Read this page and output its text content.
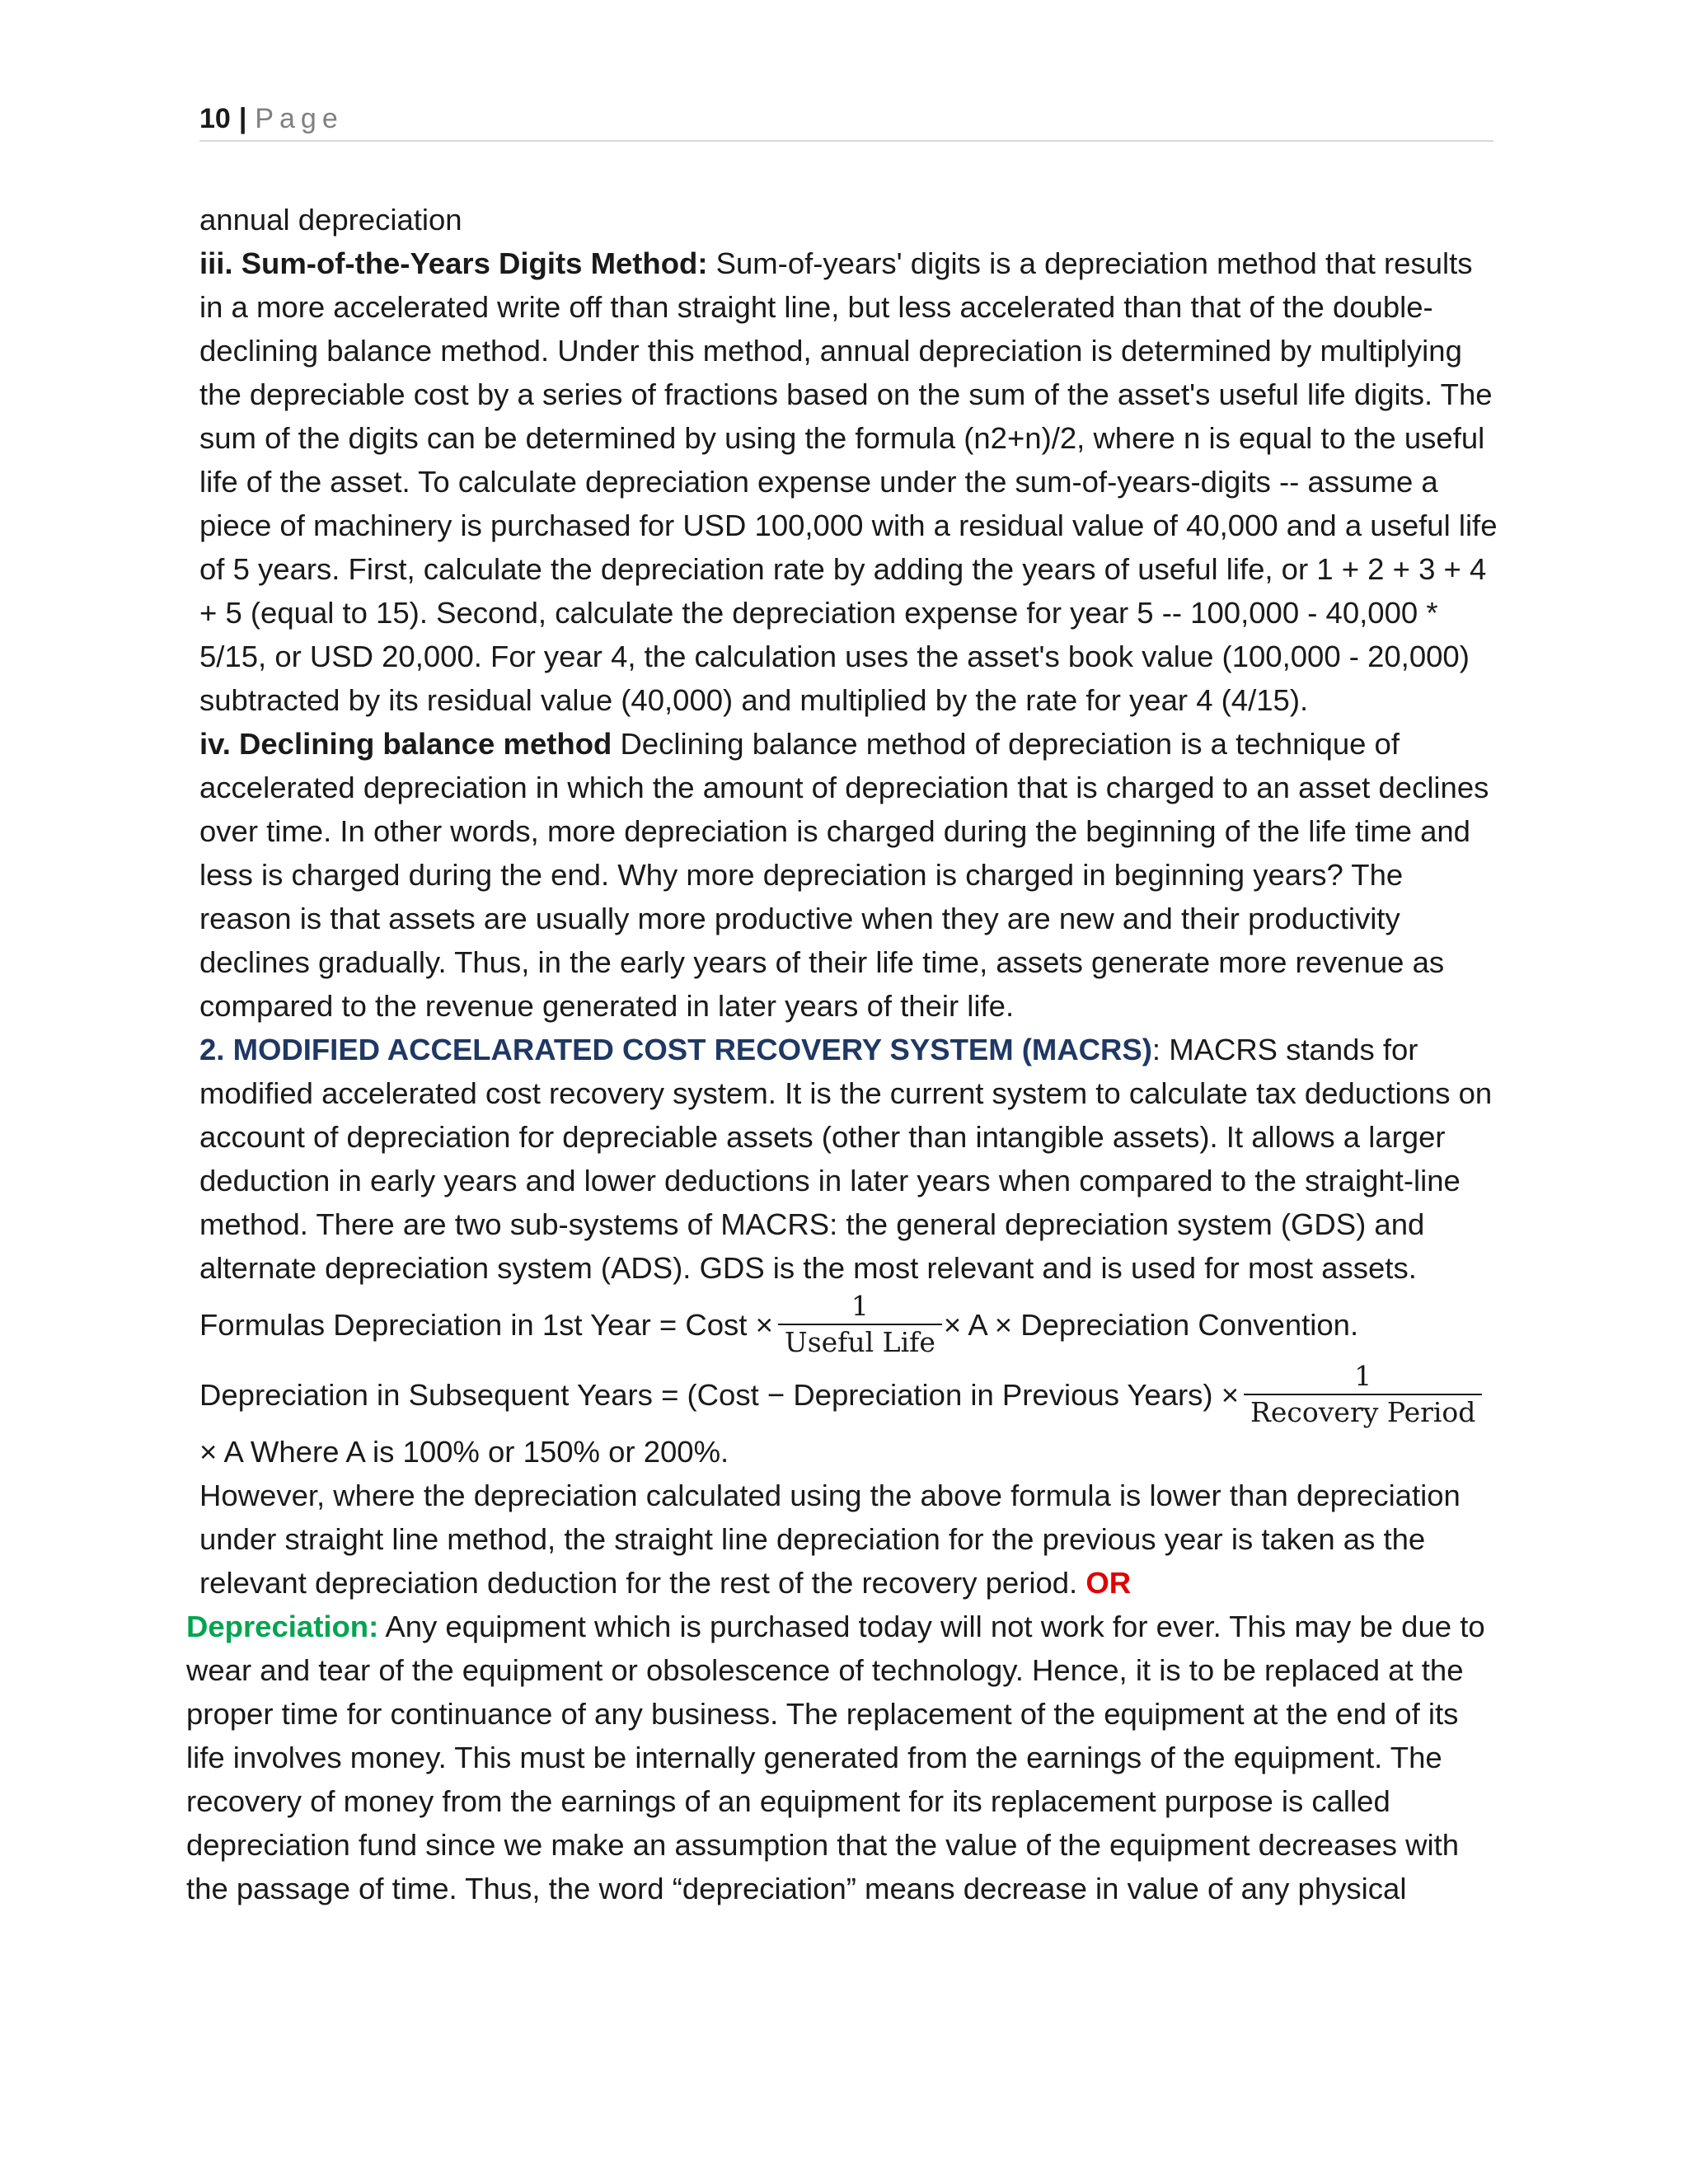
10 | Page

annual depreciation

iii. Sum-of-the-Years Digits Method: Sum-of-years' digits is a depreciation method that results in a more accelerated write off than straight line, but less accelerated than that of the double-declining balance method. Under this method, annual depreciation is determined by multiplying the depreciable cost by a series of fractions based on the sum of the asset's useful life digits. The sum of the digits can be determined by using the formula (n2+n)/2, where n is equal to the useful life of the asset. To calculate depreciation expense under the sum-of-years-digits -- assume a piece of machinery is purchased for USD 100,000 with a residual value of 40,000 and a useful life of 5 years. First, calculate the depreciation rate by adding the years of useful life, or 1 + 2 + 3 + 4 + 5 (equal to 15). Second, calculate the depreciation expense for year 5 -- 100,000 - 40,000 * 5/15, or USD 20,000. For year 4, the calculation uses the asset's book value (100,000 - 20,000) subtracted by its residual value (40,000) and multiplied by the rate for year 4 (4/15).

iv. Declining balance method Declining balance method of depreciation is a technique of accelerated depreciation in which the amount of depreciation that is charged to an asset declines over time. In other words, more depreciation is charged during the beginning of the life time and less is charged during the end. Why more depreciation is charged in beginning years? The reason is that assets are usually more productive when they are new and their productivity declines gradually. Thus, in the early years of their life time, assets generate more revenue as compared to the revenue generated in later years of their life.

2. MODIFIED ACCELARATED COST RECOVERY SYSTEM (MACRS): MACRS stands for modified accelerated cost recovery system. It is the current system to calculate tax deductions on account of depreciation for depreciable assets (other than intangible assets). It allows a larger deduction in early years and lower deductions in later years when compared to the straight-line method. There are two sub-systems of MACRS: the general depreciation system (GDS) and alternate depreciation system (ADS). GDS is the most relevant and is used for most assets.

Formulas Depreciation in 1st Year = Cost × $\frac{1}{\text{Useful Life}} \times A$ × Depreciation Convention.
Depreciation in Subsequent Years = (Cost − Depreciation in Previous Years) × $\frac{1}{\text{Recovery Period}}$

× A Where A is 100% or 150% or 200%.

However, where the depreciation calculated using the above formula is lower than depreciation under straight line method, the straight line depreciation for the previous year is taken as the relevant depreciation deduction for the rest of the recovery period. OR

Depreciation: Any equipment which is purchased today will not work for ever. This may be due to wear and tear of the equipment or obsolescence of technology. Hence, it is to be replaced at the proper time for continuance of any business. The replacement of the equipment at the end of its life involves money. This must be internally generated from the earnings of the equipment. The recovery of money from the earnings of an equipment for its replacement purpose is called depreciation fund since we make an assumption that the value of the equipment decreases with the passage of time. Thus, the word “depreciation” means decrease in value of any physical
